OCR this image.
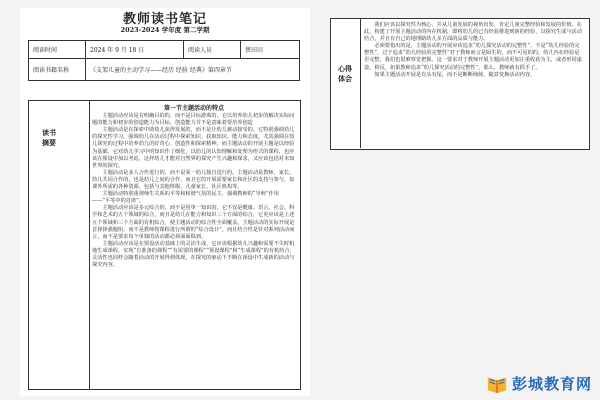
教师读书笔记
2023-2024 学年度 第二学期
阅读时间	2024 年 9 月 18 日	阅读人员	蔡田田
阅读书籍名称	《支架儿童的主动学习——经历 经验 经典》第四章节		
读书摘要
第一节主题活动的特点

主题活动应该是有明确目的的，而不是目标游离的，它以培养幼儿初步的解决实际问题的能力和初步的创造能力为目标，创造能力并不是意味着要培养创造

主题活动是在探索中助幼儿获得发展的，而不是让幼儿被动接受的。它特别强调幼儿的探究性学习，强调幼儿在活动过程中探索知识、获取知识、能力和态度，尤其强调在幼儿探究的过程中培养幼儿的好奇心、创造性和探索精神。而主题活动的开展主题是以经验为基础，它对幼儿学习中的知识作了细化，以幼儿的认知理解和处理为形式的课程，也应该在预设中加以考虑，这样幼儿才能对自然界的探究产生兴趣和探求，又应该包括对未知世界的探究。

主题活动是多人合作进行的，而不是某一幼儿独自进行的。主题活动是教师、家长、幼儿共同合作的，也是幼儿之间的合作，而且它的开展需要家长和社区的支持与参与，如课外所需的各种资源，包括与其他班级、儿童家长、社区机构等。

主题活动特别重视师生关系的平等和和谐气氛的民主，强调教师的“导师”作用——“平等中的首席”。

主题活动应该是多元综合的，而不是用单一知识的，它不仅是健康、语言、社会、科学和艺术的五个领域的综合，而且是幼儿在能力和知识三个方面的综合，它更应该是上述五个领域和三个方面的有机综合，使主题活动的综合性全面覆盖，主题活动的实际开展是首择择强题组，而不是教师按课程进行所谓的“综合设计”。而且结合性是针对系列活动而言，而不是要求每个单独的活动都必须面面俱到。

主题活动应该是在预设活动基础上的灵活生成，它应该根据幼儿兴趣和需要不失时机地生成课程，实现“有准备的课程”“有需要的课程”“预设课程”和“生成课程”的有机结合，灵活性也同样会随着活动的开展得到体现，在探究的驱动下不断在预设中生成新的活动与探究内容。

心得体会

我们应该以探究性为核心，并从儿童发展的视角出发，肯定儿童完整经验和发展的价值。在此，构建了开展主题活动的内在机制，即将幼儿的已有经验推进到新的经验，以探究生成与活动结合，并且有自己的地理路幼儿多方面的品质与能力。

必须要指出的是，主题活动的开展应该追求“幼儿探究活动的完整性”，不是“幼儿经验的完整性”，过于追求“幼儿经验的完整性”对于教师而言是陌生的，而不可见的的，幼儿内在经验是否完整，我们也很难察觉把握。这一要求对于教师开展主题活动更加注重收获为主，或者形同虚设。相反，如果教师追求“幼儿探究活动的完整性”，那么，教师就有抓手了。

如果主题活动开展是有头有尾，而不是断断续续，随意变换活动内容。

彭城教育网
